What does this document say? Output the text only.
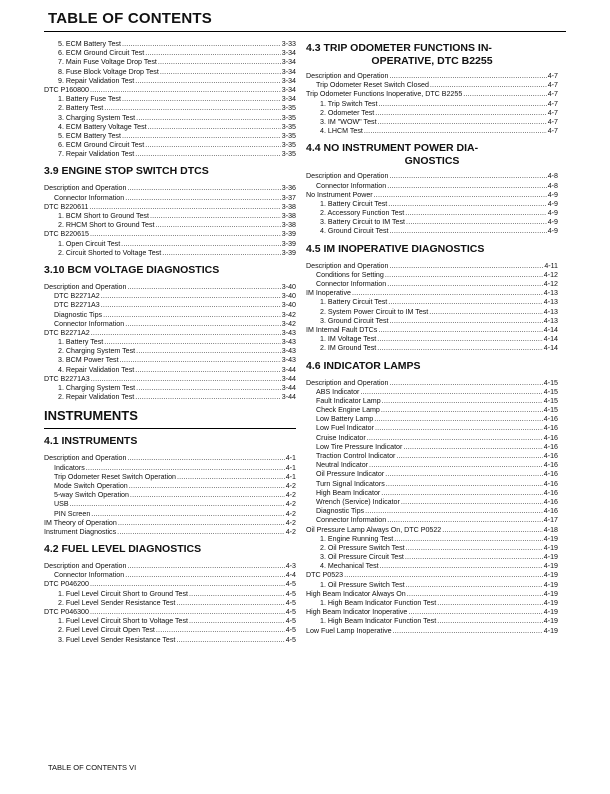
TABLE OF CONTENTS
5. ECM Battery Test .....	3-33
6. ECM Ground Circuit Test .....	3-34
7. Main Fuse Voltage Drop Test .....	3-34
8. Fuse Block Voltage Drop Test .....	3-34
9. Repair Validation Test .....	3-34
DTC P160800 .....	3-34
1. Battery Fuse Test .....	3-34
2. Battery Test .....	3-35
3. Charging System Test .....	3-35
4. ECM Battery Voltage Test .....	3-35
5. ECM Battery Test .....	3-35
6. ECM Ground Circuit Test .....	3-35
7. Repair Validation Test .....	3-35
3.9 ENGINE STOP SWITCH DTCS
Description and Operation .....	3-36
Connector Information .....	3-37
DTC B220611 .....	3-38
1. BCM Short to Ground Test .....	3-38
2. RHCM Short to Ground Test .....	3-38
DTC B220615 .....	3-39
1. Open Circuit Test .....	3-39
2. Circuit Shorted to Voltage Test .....	3-39
3.10 BCM VOLTAGE DIAGNOSTICS
Description and Operation .....	3-40
DTC B2271A2 .....	3-40
DTC B2271A3 .....	3-40
Diagnostic Tips .....	3-42
Connector Information .....	3-42
DTC B2271A2 .....	3-43
1. Battery Test .....	3-43
2. Charging System Test .....	3-43
3. BCM Power Test .....	3-43
4. Repair Validation Test .....	3-44
DTC B2271A3 .....	3-44
1. Charging System Test .....	3-44
2. Repair Validation Test .....	3-44
INSTRUMENTS
4.1 INSTRUMENTS
Description and Operation .....	4-1
Indicators .....	4-1
Trip Odometer Reset Switch Operation .....	4-1
Mode Switch Operation .....	4-2
5-way Switch Operation .....	4-2
USB .....	4-2
PIN Screen .....	4-2
IM Theory of Operation .....	4-2
Instrument Diagnostics .....	4-2
4.2 FUEL LEVEL DIAGNOSTICS
Description and Operation .....	4-3
Connector Information .....	4-4
DTC P046200 .....	4-5
1. Fuel Level Circuit Short to Ground Test .....	4-5
2. Fuel Level Sender Resistance Test .....	4-5
DTC P046300 .....	4-5
1. Fuel Level Circuit Short to Voltage Test .....	4-5
2. Fuel Level Circuit Open Test .....	4-5
3. Fuel Level Sender Resistance Test .....	4-5
4.3 TRIP ODOMETER FUNCTIONS IN-
OPERATIVE, DTC B2255
Description and Operation .....	4-7
Trip Odometer Reset Switch Closed .....	4-7
Trip Odometer Functions Inoperative, DTC B2255 .....	4-7
1. Trip Switch Test .....	4-7
2. Odometer Test .....	4-7
3. IM "WOW" Test .....	4-7
4. LHCM Test .....	4-7
4.4 NO INSTRUMENT POWER DIA-
GNOSTICS
Description and Operation .....	4-8
Connector Information .....	4-8
No Instrument Power .....	4-9
1. Battery Circuit Test .....	4-9
2. Accessory Function Test .....	4-9
3. Battery Circuit to IM Test .....	4-9
4. Ground Circuit Test .....	4-9
4.5 IM INOPERATIVE DIAGNOSTICS
Description and Operation .....	4-11
Conditions for Setting .....	4-12
Connector Information .....	4-12
IM Inoperative .....	4-13
1. Battery Circuit Test .....	4-13
2. System Power Circuit to IM Test .....	4-13
3. Ground Circuit Test .....	4-13
IM Internal Fault DTCs .....	4-14
1. IM Voltage Test .....	4-14
2. IM Ground Test .....	4-14
4.6 INDICATOR LAMPS
Description and Operation .....	4-15
ABS Indicator .....	4-15
Fault Indicator Lamp .....	4-15
Check Engine Lamp .....	4-15
Low Battery Lamp .....	4-16
Low Fuel Indicator .....	4-16
Cruise Indicator .....	4-16
Low Tire Pressure Indicator .....	4-16
Traction Control Indicator .....	4-16
Neutral Indicator .....	4-16
Oil Pressure Indicator .....	4-16
Turn Signal Indicators .....	4-16
High Beam Indicator .....	4-16
Wrench (Service) Indicator .....	4-16
Diagnostic Tips .....	4-16
Connector Information .....	4-17
Oil Pressure Lamp Always On, DTC P0522 .....	4-18
1. Engine Running Test .....	4-19
2. Oil Pressure Switch Test .....	4-19
3. Oil Pressure Circuit Test .....	4-19
4. Mechanical Test .....	4-19
DTC P0523 .....	4-19
1. Oil Pressure Switch Test .....	4-19
High Beam Indicator Always On .....	4-19
1. High Beam Indicator Function Test .....	4-19
High Beam Indicator Inoperative .....	4-19
1. High Beam Indicator Function Test .....	4-19
Low Fuel Lamp Inoperative .....	4-19
TABLE OF CONTENTS VI
